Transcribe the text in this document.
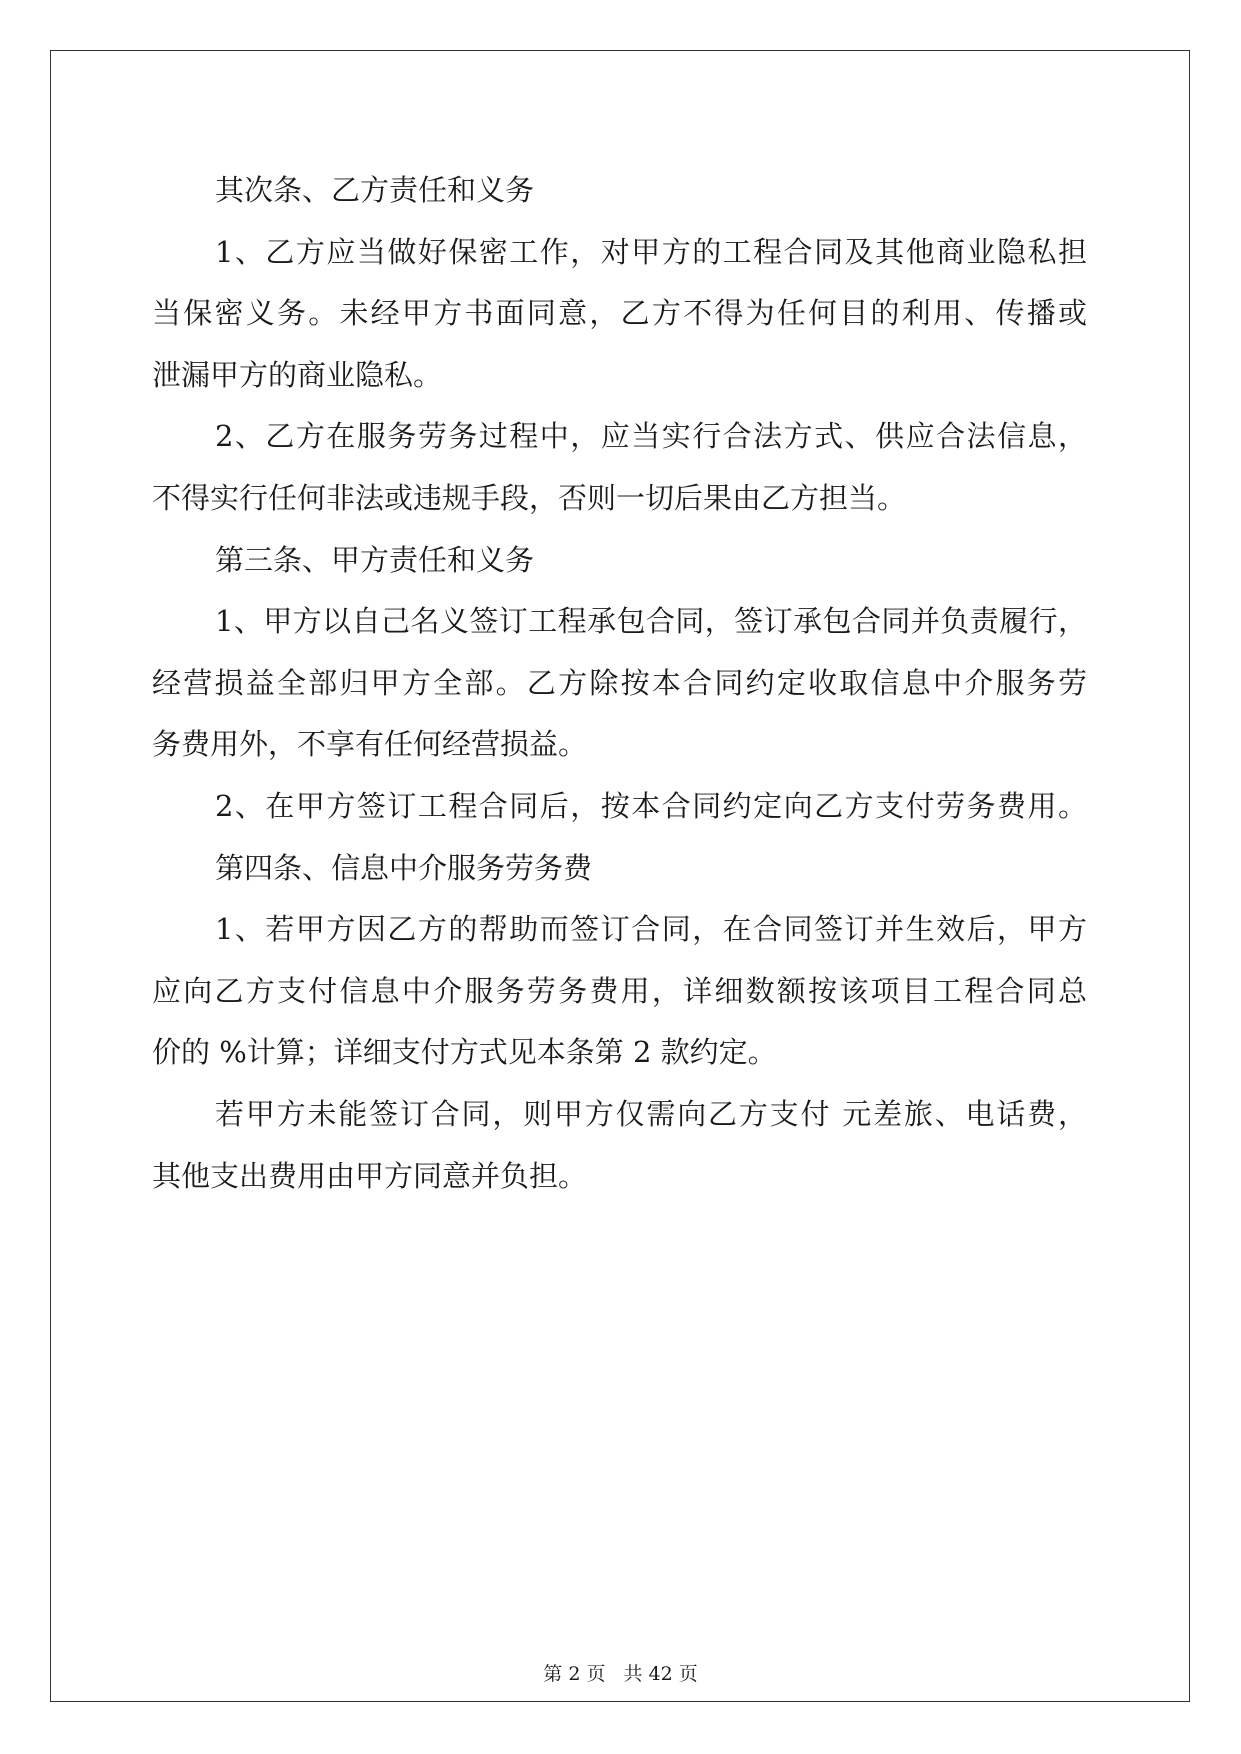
其次条、乙方责任和义务
1、乙方应当做好保密工作，对甲方的工程合同及其他商业隐私担
当保密义务。未经甲方书面同意，乙方不得为任何目的利用、传播或
泄漏甲方的商业隐私。
2、乙方在服务劳务过程中，应当实行合法方式、供应合法信息，
不得实行任何非法或违规手段，否则一切后果由乙方担当。
第三条、甲方责任和义务
1、甲方以自己名义签订工程承包合同，签订承包合同并负责履行，
经营损益全部归甲方全部。乙方除按本合同约定收取信息中介服务劳
务费用外，不享有任何经营损益。
2、在甲方签订工程合同后，按本合同约定向乙方支付劳务费用。
第四条、信息中介服务劳务费
1、若甲方因乙方的帮助而签订合同，在合同签订并生效后，甲方
应向乙方支付信息中介服务劳务费用，详细数额按该项目工程合同总
价的 %计算；详细支付方式见本条第 2 款约定。
若甲方未能签订合同，则甲方仅需向乙方支付 元差旅、电话费，
其他支出费用由甲方同意并负担。
第 2 页 共 42 页
